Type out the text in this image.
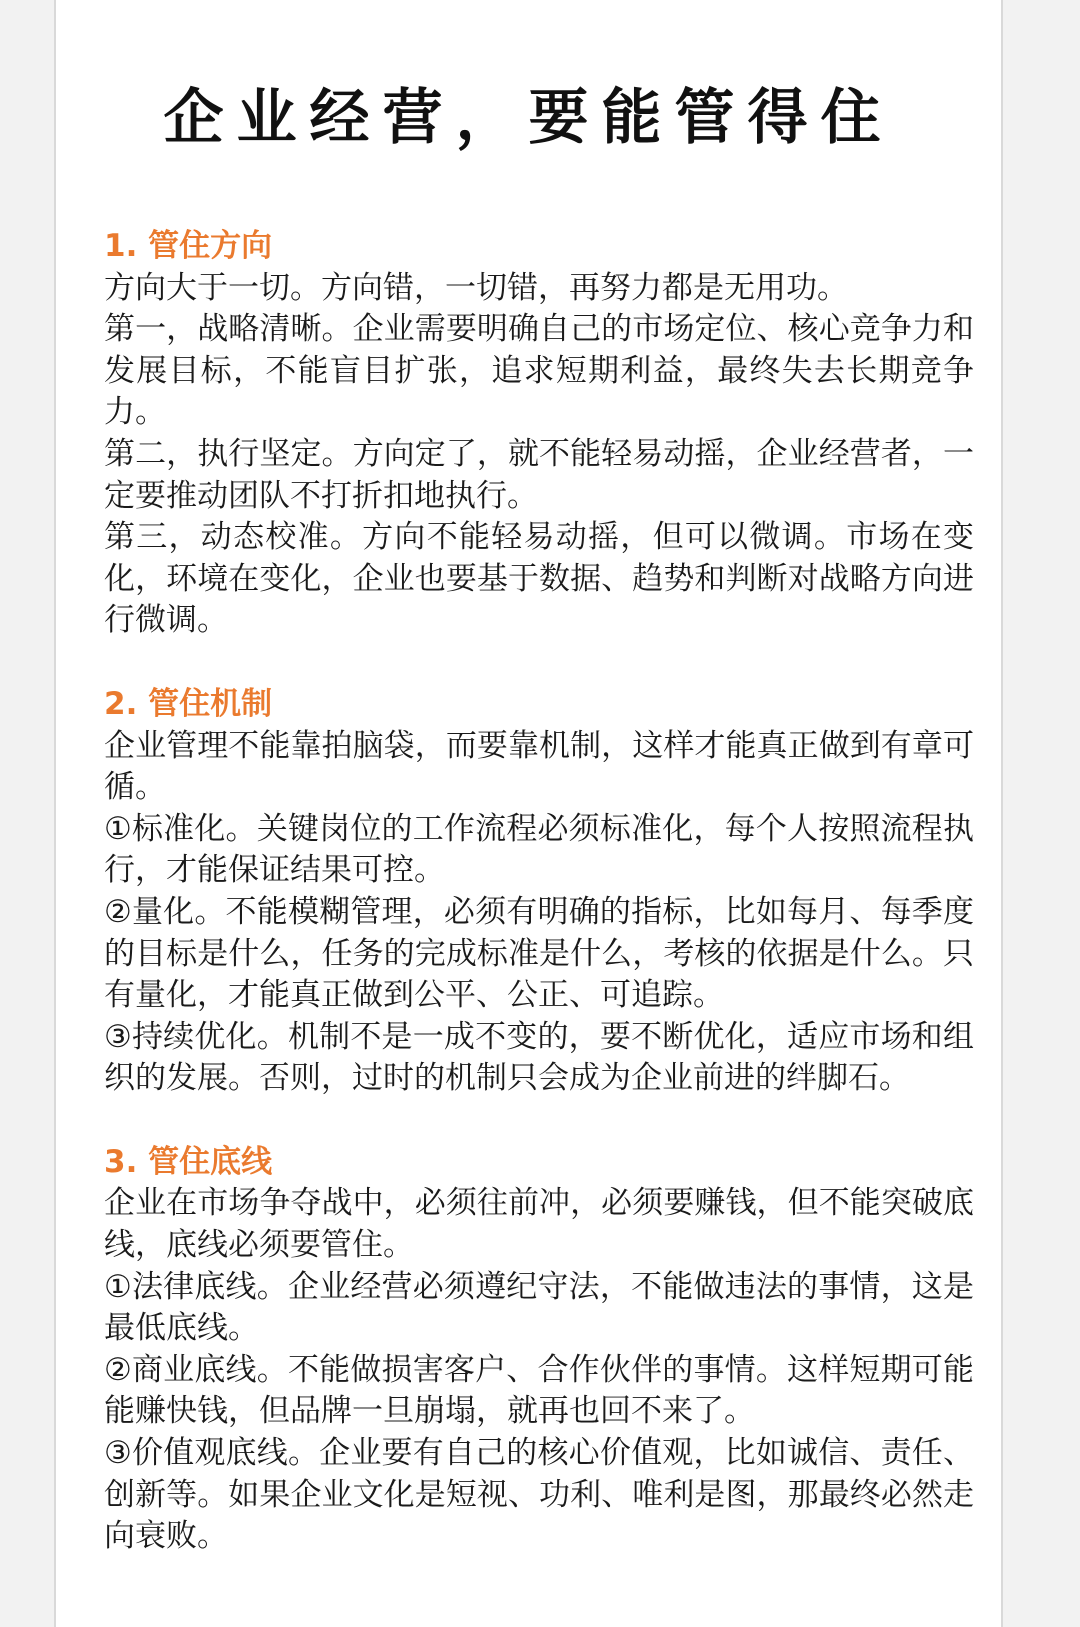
企业经营，要能管得住

1. 管住方向

方向大于一切。方向错，一切错，再努力都是无用功。

第一，战略清晰。企业需要明确自己的市场定位、核心竞争力和发展目标，不能盲目扩张，追求短期利益，最终失去长期竞争力。

第二，执行坚定。方向定了，就不能轻易动摇，企业经营者，一定要推动团队不打折扣地执行。

第三，动态校准。方向不能轻易动摇，但可以微调。市场在变化，环境在变化，企业也要基于数据、趋势和判断对战略方向进行微调。

2. 管住机制

企业管理不能靠拍脑袋，而要靠机制，这样才能真正做到有章可循。

①标准化。关键岗位的工作流程必须标准化，每个人按照流程执行，才能保证结果可控。

②量化。不能模糊管理，必须有明确的指标，比如每月、每季度的目标是什么，任务的完成标准是什么，考核的依据是什么。只有量化，才能真正做到公平、公正、可追踪。

③持续优化。机制不是一成不变的，要不断优化，适应市场和组织的发展。否则，过时的机制只会成为企业前进的绊脚石。

3. 管住底线

企业在市场争夺战中，必须往前冲，必须要赚钱，但不能突破底线，底线必须要管住。

①法律底线。企业经营必须遵纪守法，不能做违法的事情，这是最低底线。

②商业底线。不能做损害客户、合作伙伴的事情。这样短期可能能赚快钱，但品牌一旦崩塌，就再也回不来了。

③价值观底线。企业要有自己的核心价值观，比如诚信、责任、创新等。如果企业文化是短视、功利、唯利是图，那最终必然走向衰败。
